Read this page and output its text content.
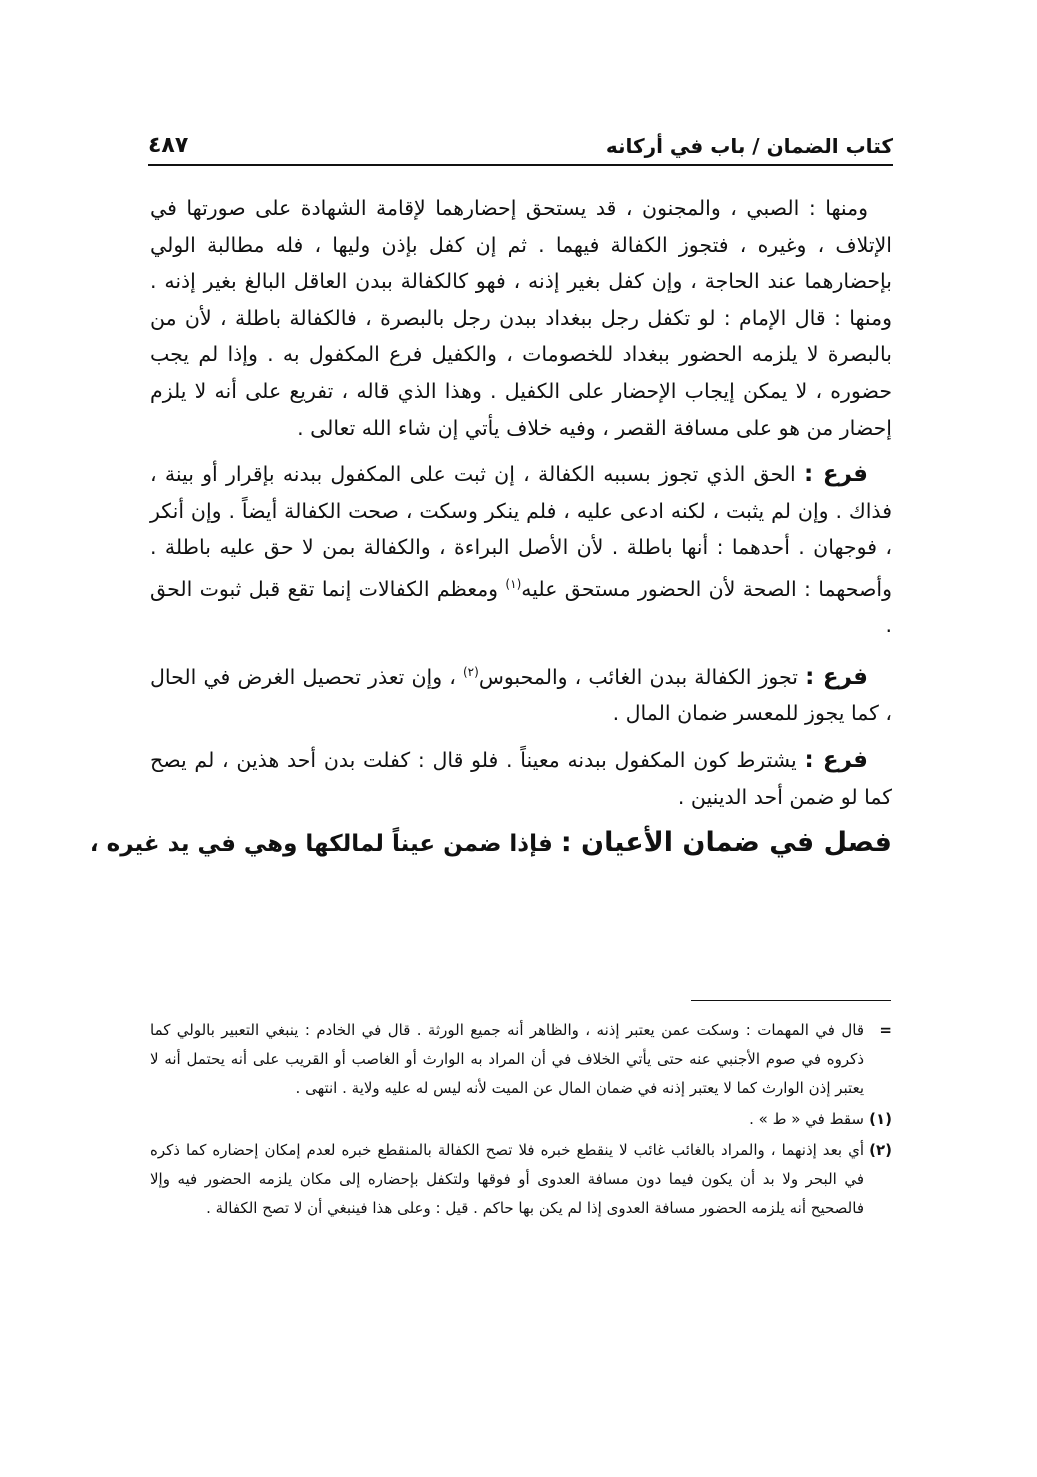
كتاب الضمان / باب في أركانه
٤٨٧

ومنها : الصبي ، والمجنون ، قد يستحق إحضارهما لإقامة الشهادة على صورتها في الإتلاف ، وغيره ، فتجوز الكفالة فيهما . ثم إن كفل بإذن وليها ، فله مطالبة الولي بإحضارهما عند الحاجة ، وإن كفل بغير إذنه ، فهو كالكفالة ببدن العاقل البالغ بغير إذنه . ومنها : قال الإمام : لو تكفل رجل ببغداد ببدن رجل بالبصرة ، فالكفالة باطلة ، لأن من بالبصرة لا يلزمه الحضور ببغداد للخصومات ، والكفيل فرع المكفول به . وإذا لم يجب حضوره ، لا يمكن إيجاب الإحضار على الكفيل . وهذا الذي قاله ، تفريع على أنه لا يلزم إحضار من هو على مسافة القصر ، وفيه خلاف يأتي إن شاء الله تعالى .

فرع : الحق الذي تجوز بسببه الكفالة ، إن ثبت على المكفول ببدنه بإقرار أو بينة ، فذاك . وإن لم يثبت ، لكنه ادعى عليه ، فلم ينكر وسكت ، صحت الكفالة أيضاً . وإن أنكر ، فوجهان . أحدهما : أنها باطلة . لأن الأصل البراءة ، والكفالة بمن لا حق عليه باطلة . وأصحهما : الصحة لأن الحضور مستحق عليه$^{(١)}$ ومعظم الكفالات إنما تقع قبل ثبوت الحق .

فرع : تجوز الكفالة ببدن الغائب ، والمحبوس$^{(٢)}$ ، وإن تعذر تحصيل الغرض في الحال ، كما يجوز للمعسر ضمان المال .

فرع : يشترط كون المكفول ببدنه معيناً . فلو قال : كفلت بدن أحد هذين ، لم يصح كما لو ضمن أحد الدينين .

فصل في ضمان الأعيان : فإذا ضمن عيناً لمالكها وهي في يد غيره ،

=
قال في المهمات : وسكت عمن يعتبر إذنه ، والظاهر أنه جميع الورثة . قال في الخادم : ينبغي التعبير بالولي كما ذكروه في صوم الأجنبي عنه حتى يأتي الخلاف في أن المراد به الوارث أو الغاصب أو القريب على أنه يحتمل أنه لا يعتبر إذن الوارث كما لا يعتبر إذنه في ضمان المال عن الميت لأنه ليس له عليه ولاية . انتهى .
(١)
سقط في « ط » .
(٢)
أي بعد إذنهما ، والمراد بالغائب غائب لا ينقطع خبره فلا تصح الكفالة بالمنقطع خبره لعدم إمكان إحضاره كما ذكره في البحر ولا بد أن يكون فيما دون مسافة العدوى أو فوقها ولتكفل بإحضاره إلى مكان يلزمه الحضور فيه وإلا فالصحيح أنه يلزمه الحضور مسافة العدوى إذا لم يكن بها حاكم . قيل : وعلى هذا فينبغي أن لا تصح الكفالة .
